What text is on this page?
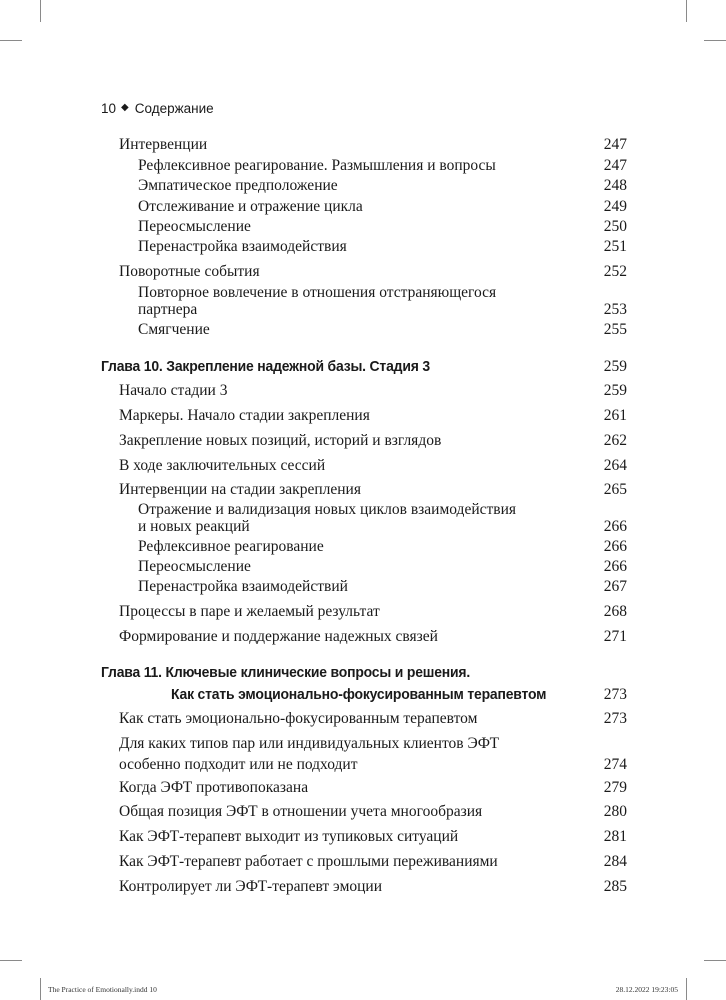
10 ◆ Содержание
Интервенции	247
Рефлексивное реагирование. Размышления и вопросы	247
Эмпатическое предположение	248
Отслеживание и отражение цикла	249
Переосмысление	250
Перенастройка взаимодействия	251
Поворотные события	252
Повторное вовлечение в отношения отстраняющегося
партнера	253
Смягчение	255
Глава 10. Закрепление надежной базы. Стадия 3	259
Начало стадии 3	259
Маркеры. Начало стадии закрепления	261
Закрепление новых позиций, историй и взглядов	262
В ходе заключительных сессий	264
Интервенции на стадии закрепления	265
Отражение и валидизация новых циклов взаимодействия
и новых реакций	266
Рефлексивное реагирование	266
Переосмысление	266
Перенастройка взаимодействий	267
Процессы в паре и желаемый результат	268
Формирование и поддержание надежных связей	271
Глава 11. Ключевые клинические вопросы и решения.
Как стать эмоционально-фокусированным терапевтом	273
Как стать эмоционально-фокусированным терапевтом	273
Для каких типов пар или индивидуальных клиентов ЭФТ
особенно подходит или не подходит	274
Когда ЭФТ противопоказана	279
Общая позиция ЭФТ в отношении учета многообразия	280
Как ЭФТ-терапевт выходит из тупиковых ситуаций	281
Как ЭФТ-терапевт работает с прошлыми переживаниями	284
Контролирует ли ЭФТ-терапевт эмоции	285
The Practice of Emotionally.indd 10	28.12.2022 19:23:05
